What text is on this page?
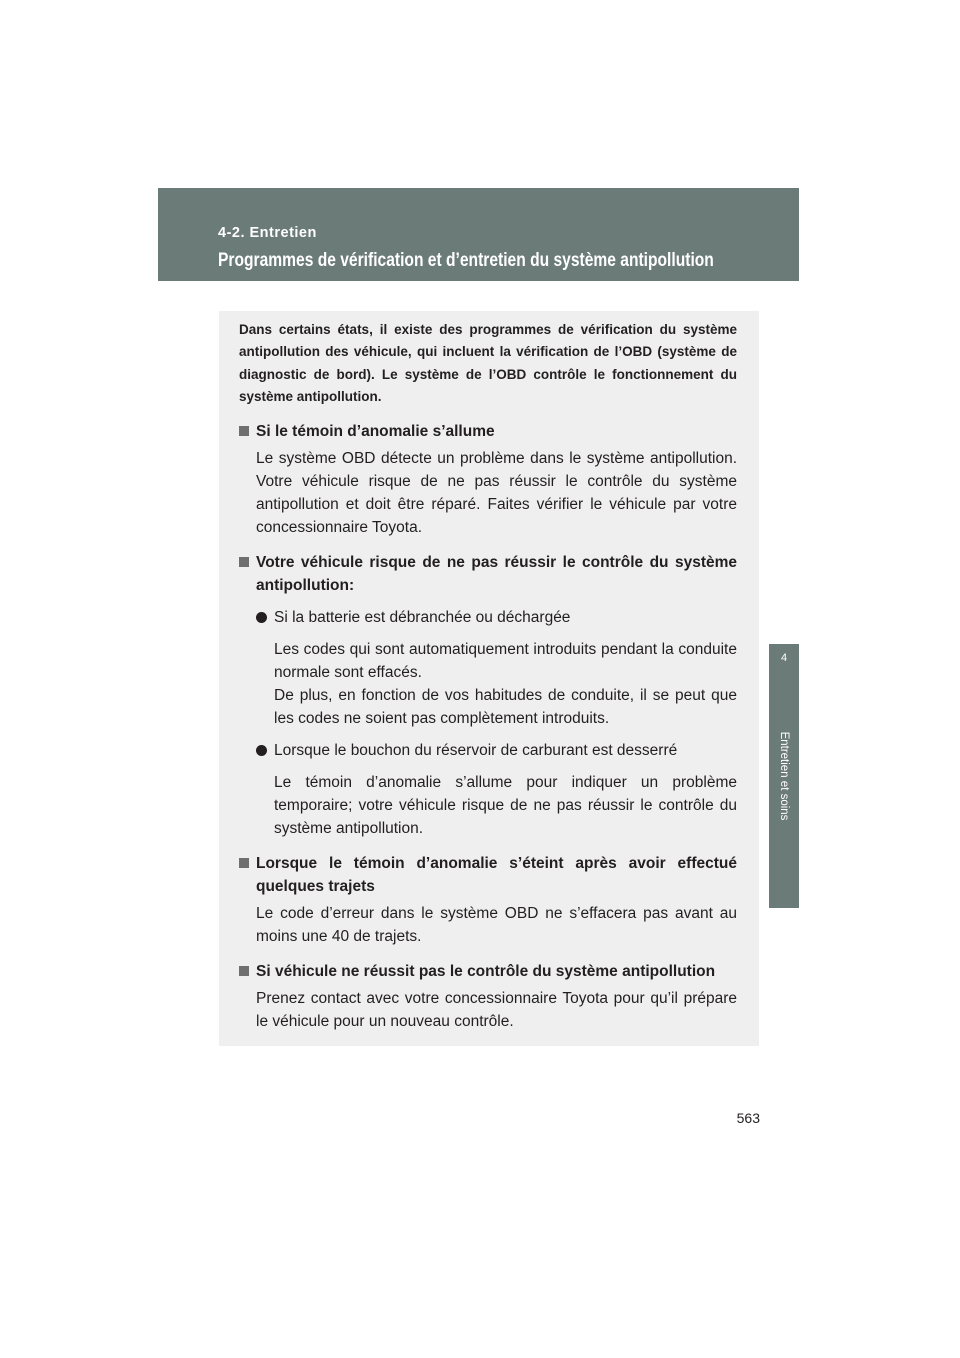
4-2. Entretien
Programmes de vérification et d’entretien du système antipollution
4
Entretien et soins

Dans certains états, il existe des programmes de vérification du système antipollution des véhicule, qui incluent la vérification de l’OBD (système de diagnostic de bord). Le système de l’OBD contrôle le fonctionnement du système antipollution.

Si le témoin d’anomalie s’allume

Le système OBD détecte un problème dans le système antipollution. Votre véhicule risque de ne pas réussir le contrôle du système antipollution et doit être réparé. Faites vérifier le véhicule par votre concessionnaire Toyota.

Votre véhicule risque de ne pas réussir le contrôle du système antipollution:

Si la batterie est débranchée ou déchargée

Les codes qui sont automatiquement introduits pendant la conduite normale sont effacés.

De plus, en fonction de vos habitudes de conduite, il se peut que les codes ne soient pas complètement introduits.

Lorsque le bouchon du réservoir de carburant est desserré

Le témoin d’anomalie s’allume pour indiquer un problème temporaire; votre véhicule risque de ne pas réussir le contrôle du système antipollution.

Lorsque le témoin d’anomalie s’éteint après avoir effectué quelques trajets

Le code d’erreur dans le système OBD ne s’effacera pas avant au moins une 40 de trajets.

Si véhicule ne réussit pas le contrôle du système antipollution

Prenez contact avec votre concessionnaire Toyota pour qu’il prépare le véhicule pour un nouveau contrôle.

563
